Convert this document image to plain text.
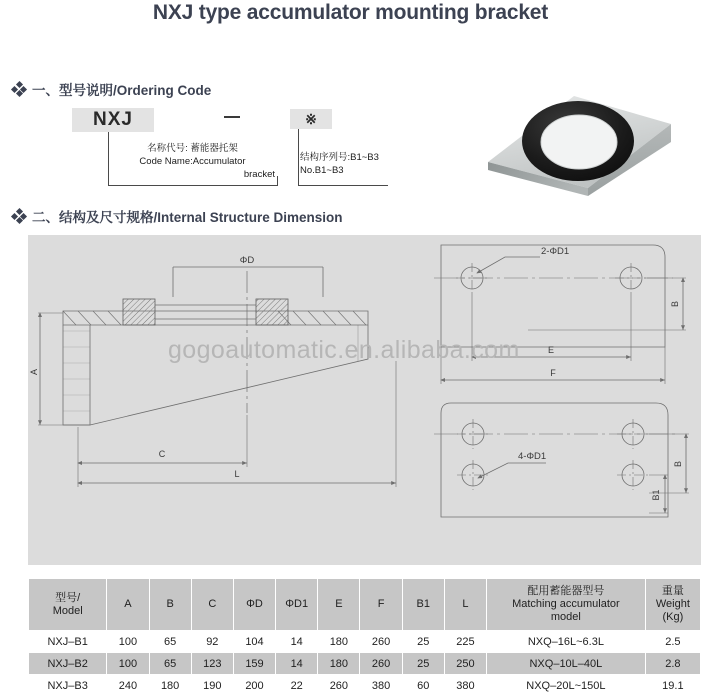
NXJ type accumulator mounting bracket
一、型号说明/Ordering Code
NXJ	※
名称代号: 蓄能器托架
Code Name:Accumulator
bracket
结构序列号:B1~B3
No.B1~B3
二、结构及尺寸规格/Internal Structure Dimension
ΦD
A
C
L
2-ΦD1
B
E
F
4-ΦD1
B
B1
gogoautomatic.en.alibaba.com
型号/
Model	A	B	C	ΦD	ΦD1	E	F	B1	L	配用蓄能器型号
Matching accumulator
model	重量
Weight
(Kg)
NXJ–B1	100	65	92	104	14	180	260	25	225	NXQ–16L~6.3L	2.5
NXJ–B2	100	65	123	159	14	180	260	25	250	NXQ–10L–40L	2.8
NXJ–B3	240	180	190	200	22	260	380	60	380	NXQ–20L~150L	19.1
